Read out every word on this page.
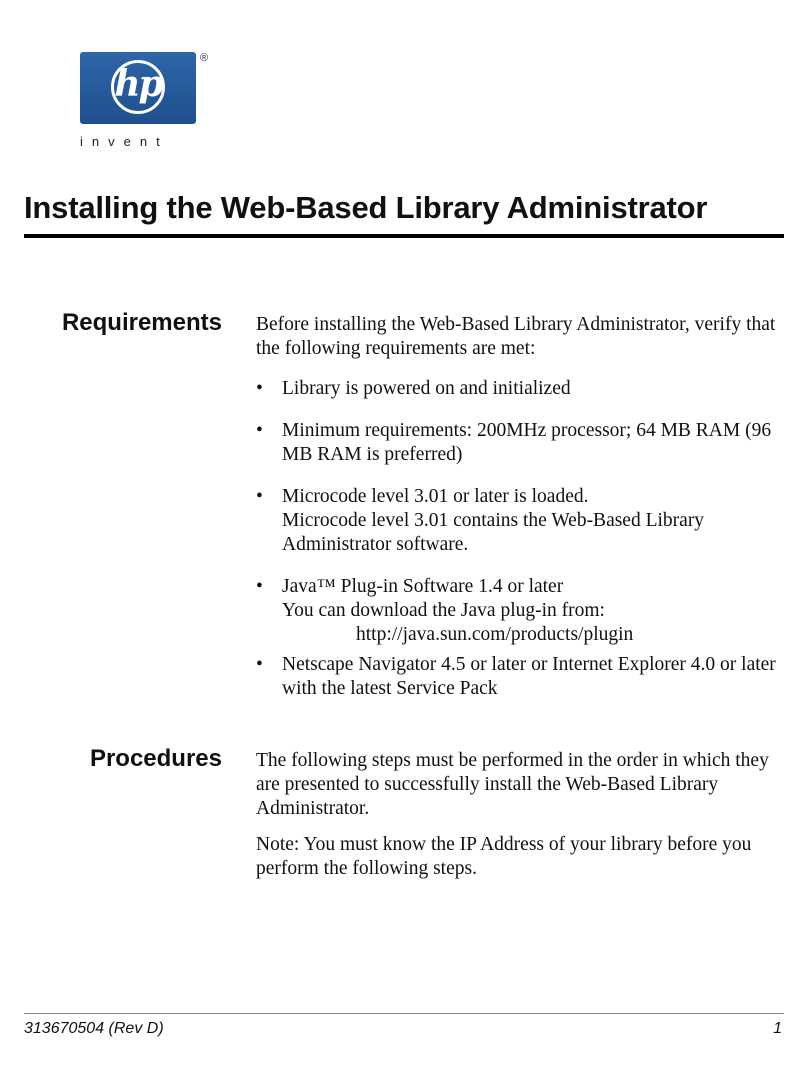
hp
®
invent
Installing the Web-Based Library Administrator
Requirements Before installing the Web-Based Library Administrator, verify that the following requirements are met:

• Library is powered on and initialized
• Minimum requirements: 200MHz processor; 64 MB RAM (96 MB RAM is preferred)
• Microcode level 3.01 or later is loaded.
Microcode level 3.01 contains the Web-Based Library Administrator software.
• Java™ Plug-in Software 1.4 or later
You can download the Java plug-in from:
http://java.sun.com/products/plugin
• Netscape Navigator 4.5 or later or Internet Explorer 4.0 or later with the latest Service Pack
Procedures The following steps must be performed in the order in which they are presented to successfully install the Web-Based Library Administrator.

Note: You must know the IP Address of your library before you perform the following steps.

313670504 (Rev D)	1
